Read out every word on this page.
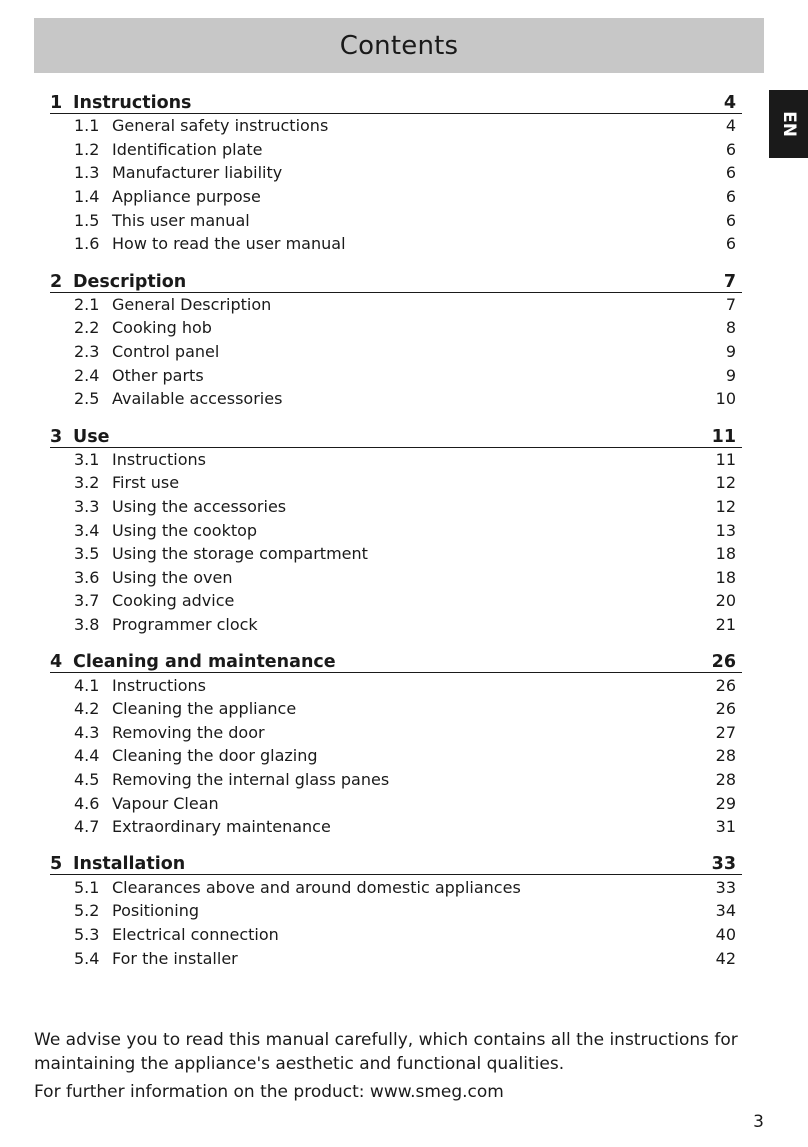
Contents
EN
1 Instructions	4
1.1 General safety instructions	4
1.2 Identification plate	6
1.3 Manufacturer liability	6
1.4 Appliance purpose	6
1.5 This user manual	6
1.6 How to read the user manual	6
2 Description	7
2.1 General Description	7
2.2 Cooking hob	8
2.3 Control panel	9
2.4 Other parts	9
2.5 Available accessories	10
3 Use	11
3.1 Instructions	11
3.2 First use	12
3.3 Using the accessories	12
3.4 Using the cooktop	13
3.5 Using the storage compartment	18
3.6 Using the oven	18
3.7 Cooking advice	20
3.8 Programmer clock	21
4 Cleaning and maintenance	26
4.1 Instructions	26
4.2 Cleaning the appliance	26
4.3 Removing the door	27
4.4 Cleaning the door glazing	28
4.5 Removing the internal glass panes	28
4.6 Vapour Clean	29
4.7 Extraordinary maintenance	31
5 Installation	33
5.1 Clearances above and around domestic appliances	33
5.2 Positioning	34
5.3 Electrical connection	40
5.4 For the installer	42

We advise you to read this manual carefully, which contains all the instructions for

maintaining the appliance's aesthetic and functional qualities.

For further information on the product: www.smeg.com

3
